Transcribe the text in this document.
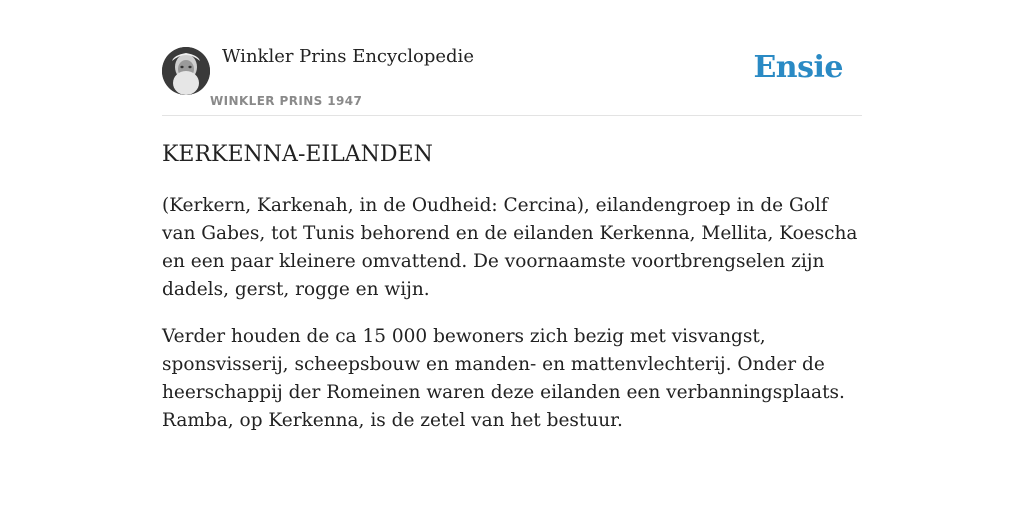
Winkler Prins Encyclopedie
WINKLER PRINS 1947
Ensie
KERKENNA-EILANDEN

(Kerkern, Karkenah, in de Oudheid: Cercina), eilandengroep in de Golf van Gabes, tot Tunis behorend en de eilanden Kerkenna, Mellita, Koescha en een paar kleinere omvattend. De voornaamste voortbrengselen zijn dadels, gerst, rogge en wijn.

Verder houden de ca 15 000 bewoners zich bezig met visvangst, sponsvisserij, scheepsbouw en manden- en mattenvlechterij. Onder de heerschappij der Romeinen waren deze eilanden een verbanningsplaats. Ramba, op Kerkenna, is de zetel van het bestuur.
